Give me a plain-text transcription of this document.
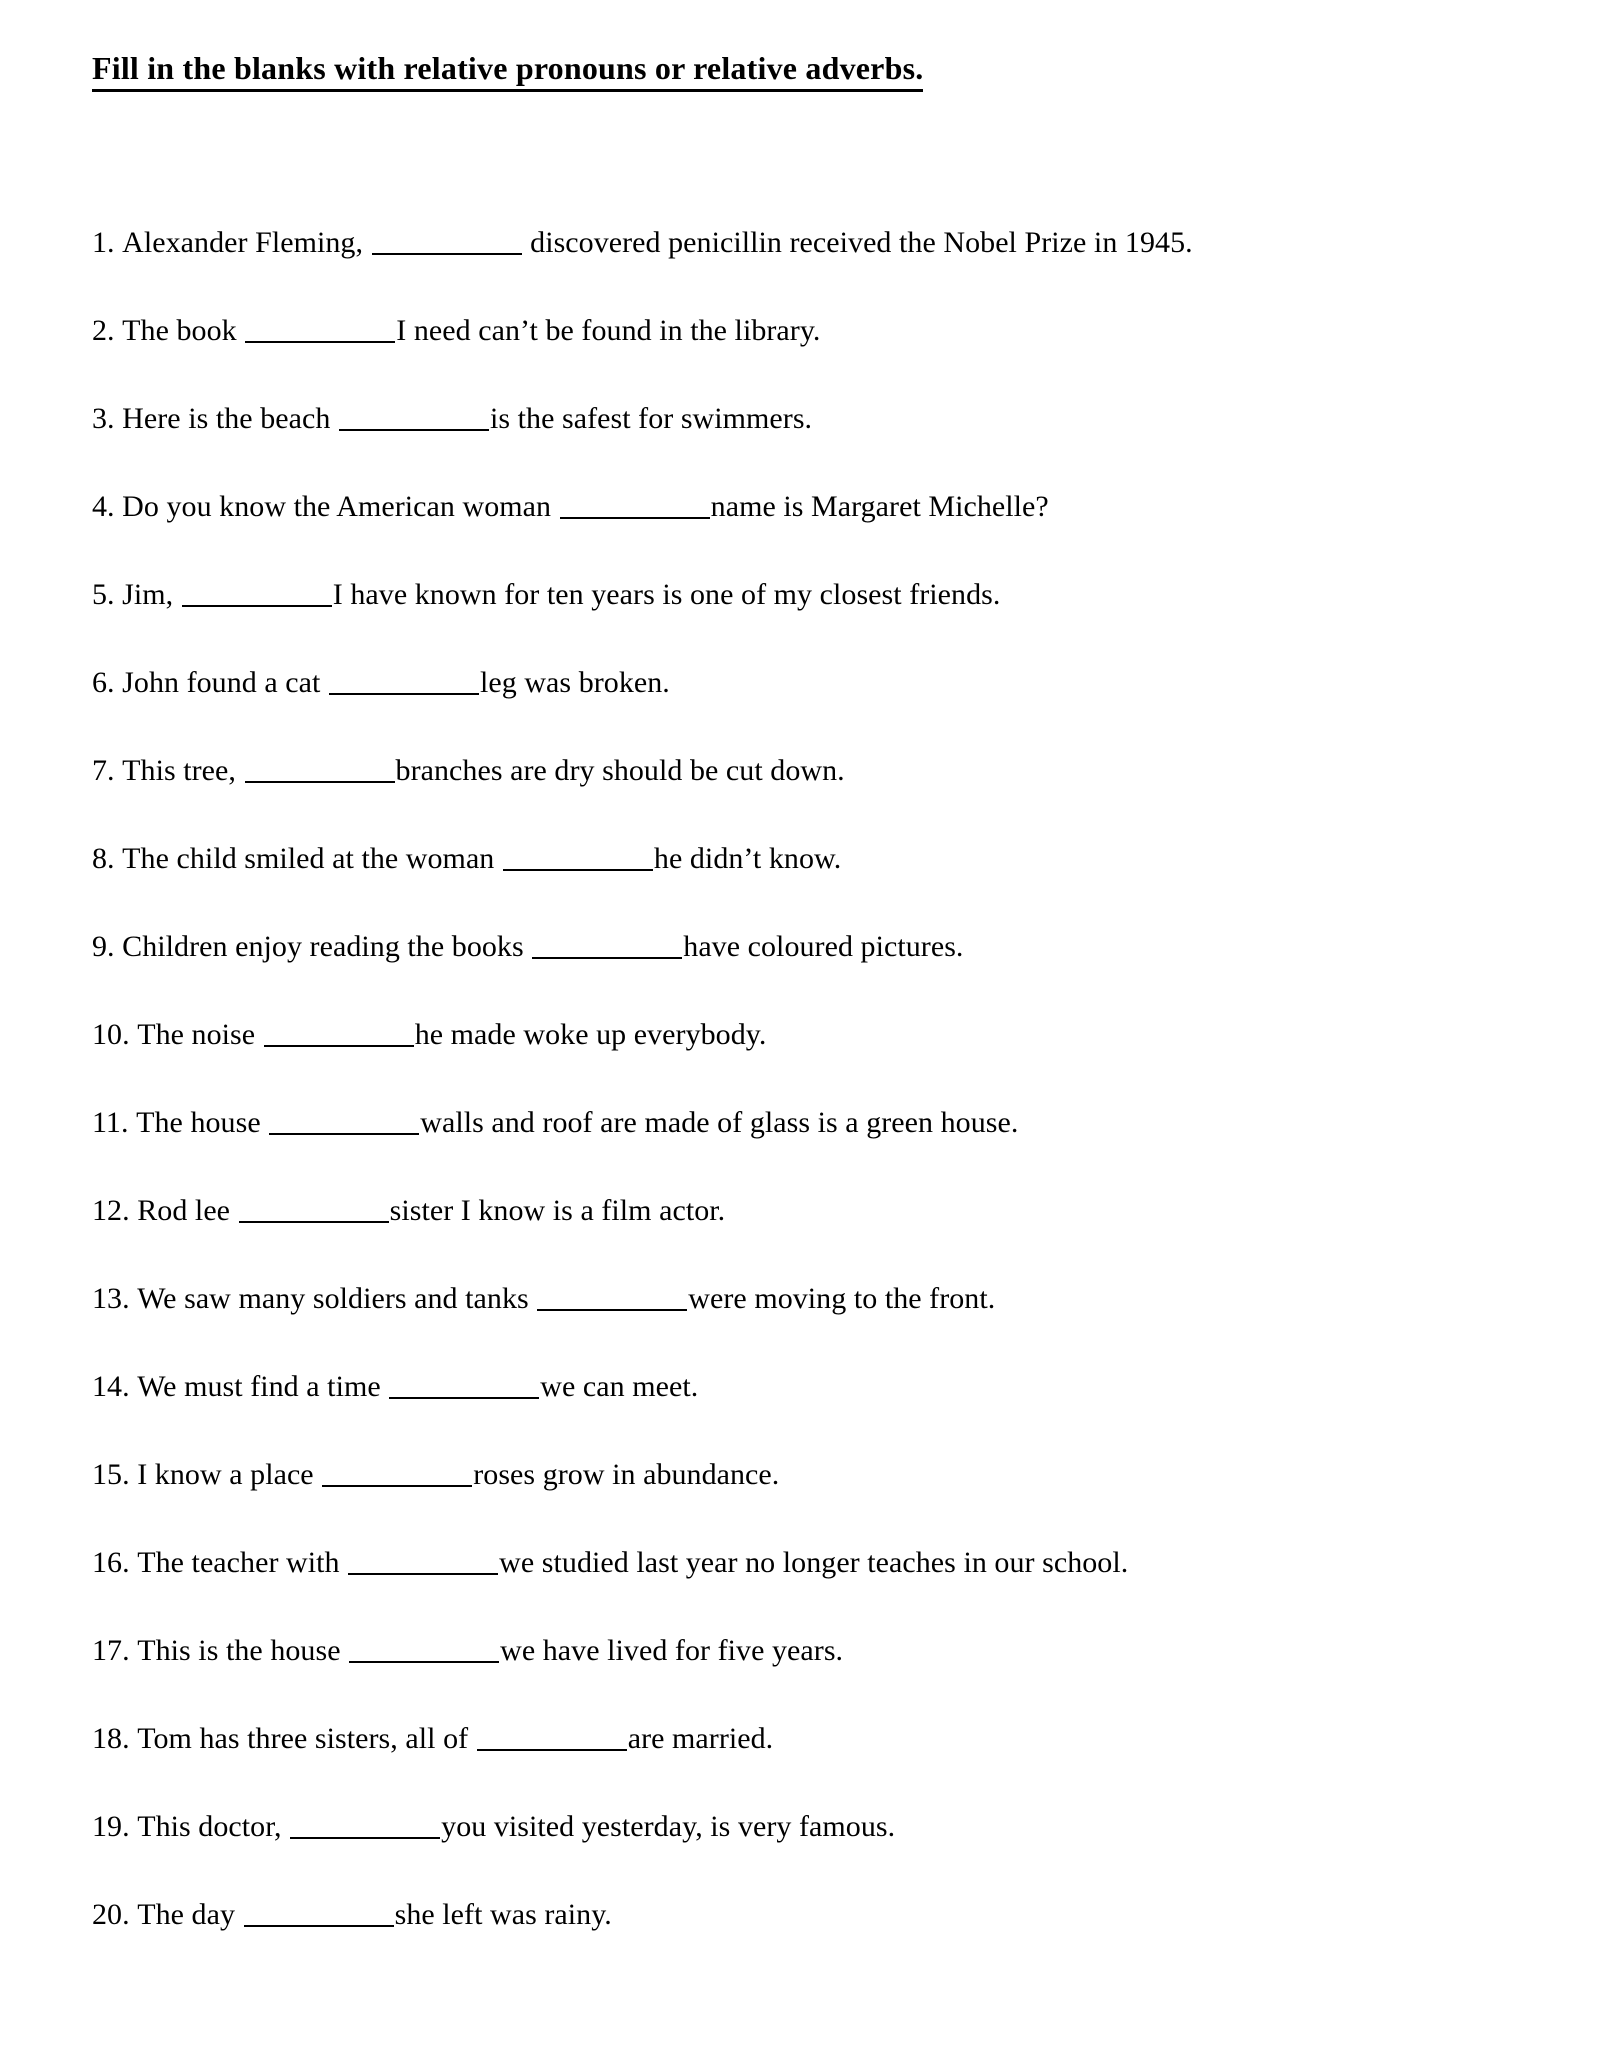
Fill in the blanks with relative pronouns or relative adverbs.
1. Alexander Fleming,	discovered penicillin received the Nobel Prize in 1945.
2. The book	I need can’t be found in the library.
3. Here is the beach	is the safest for swimmers.
4. Do you know the American woman	name is Margaret Michelle?
5. Jim,	I have known for ten years is one of my closest friends.
6. John found a cat	leg was broken.
7. This tree,	branches are dry should be cut down.
8. The child smiled at the woman	he didn’t know.
9. Children enjoy reading the books	have coloured pictures.
10. The noise	he made woke up everybody.
11. The house	walls and roof are made of glass is a green house.
12. Rod lee	sister I know is a film actor.
13. We saw many soldiers and tanks	were moving to the front.
14. We must find a time	we can meet.
15. I know a place	roses grow in abundance.
16. The teacher with	we studied last year no longer teaches in our school.
17. This is the house	we have lived for five years.
18. Tom has three sisters, all of	are married.
19. This doctor,	you visited yesterday, is very famous.
20. The day	she left was rainy.
